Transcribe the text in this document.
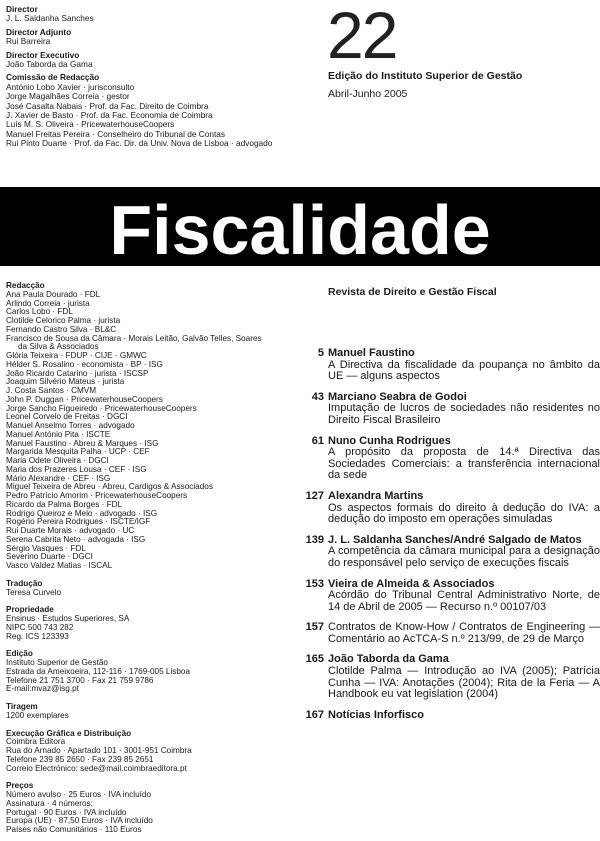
Director
J. L. Saldanha Sanches
Director Adjunto
Rui Barreira
Director Executivo
João Taborda da Gama
Comissão de Redacção
António Lobo Xavier · jurisconsulto
Jorge Magalhães Correia · gestor
José Casalta Nabais · Prof. da Fac. Direito de Coimbra
J. Xavier de Basto · Prof. da Fac. Economia de Coimbra
Luís M. S. Oliveira · PricewaterhouseCoopers
Manuel Freitas Pereira · Conselheiro do Tribunal de Contas
Rui Pinto Duarte · Prof. da Fac. Dir. da Univ. Nova de Lisboa · advogado
22
Edição do Instituto Superior de Gestão
Abril-Junho 2005
Fiscalidade
Revista de Direito e Gestão Fiscal
Redacção
Ana Paula Dourado · FDL
Arlindo Correia · jurista
Carlos Lobo · FDL
Clotilde Celorico Palma · jurista
Fernando Castro Silva · BL&C
Francisco de Sousa da Câmara · Morais Leitão, Galvão Telles, Soares
da Silva & Associados
Glória Teixeira · FDUP · CIJE · GMWC
Hélder S. Rosalino · economista · BP · ISG
João Ricardo Catarino · jurista · ISCSP
Joaquim Silvério Mateus · jurista
J. Costa Santos · CMVM
John P. Duggan · PricewaterhouseCoopers
Jorge Sancho Figueiredo · PricewaterhouseCoopers
Leonel Corvelo de Freitas · DGCI
Manuel Anselmo Torres · advogado
Manuel António Pita · ISCTE
Manuel Faustino · Abreu & Marques · ISG
Margarida Mesquita Palha · UCP · CEF
Maria Odete Oliveira · DGCI
Maria dos Prazeres Lousa · CEF · ISG
Mário Alexandre · CEF · ISG
Miguel Teixeira de Abreu · Abreu, Cardigos & Associados
Pedro Patrício Amorim · PricewaterhouseCoopers
Ricardo da Palma Borges · FDL
Rodrigo Queiroz e Melo · advogado · ISG
Rogério Pereira Rodrigues · ISCTE/IGF
Rui Duarte Morais · advogado · UC
Serena Cabrita Neto · advogada · ISG
Sérgio Vasques · FDL
Severino Duarte · DGCI
Vasco Valdez Matias · ISCAL
Tradução
Teresa Curvelo
Propriedade
Ensinus · Estudos Superiores, SA
NIPC 500 743 282
Reg. ICS 123393
Edição
Instituto Superior de Gestão
Estrada da Ameixoeira, 112-116 · 1769-005 Lisboa
Telefone 21 751 3700 · Fax 21 759 9786
E-mail:mvaz@isg.pt
Tiragem
1200 exemplares
Execução Gráfica e Distribuição
Coimbra Editora
Rua do Arnado · Apartado 101 · 3001-951 Coimbra
Telefone 239 85 2650 · Fax 239 85 2651
Correio Electrónico: sede@mail.coimbraeditora.pt
Preços
Número avulso · 25 Euros · IVA incluído
Assinatura · 4 números:
Portugal · 90 Euros · IVA incluído
Europa (UE) · 87,50 Euros · IVA incluído
Países não Comunitários · 110 Euros
5 Manuel Faustino
A Directiva da fiscalidade da poupança no âmbito da UE — alguns aspectos
43 Marciano Seabra de Godoi
Imputação de lucros de sociedades não residentes no Direito Fiscal Brasileiro
61 Nuno Cunha Rodrigues
A propósito da proposta de 14.ª Directiva das Sociedades Comerciais: a transferência internacional da sede
127 Alexandra Martins
Os aspectos formais do direito à dedução do IVA: a dedução do imposto em operações simuladas
139 J. L. Saldanha Sanches/André Salgado de Matos
A competência da câmara municipal para a designação do responsável pelo serviço de execuções fiscais
153 Vieira de Almeida & Associados
Acórdão do Tribunal Central Administrativo Norte, de 14 de Abril de 2005 — Recurso n.º 00107/03
157 Contratos de Know-How / Contratos de Engineering — Comentário ao AcTCA-S n.º 213/99, de 29 de Março
165 João Taborda da Gama
Clotilde Palma — Introdução ao IVA (2005); Patrícia Cunha — IVA: Anotações (2004); Rita de la Feria — A Handbook eu vat legislation (2004)
167 Notícias Inforfisco
